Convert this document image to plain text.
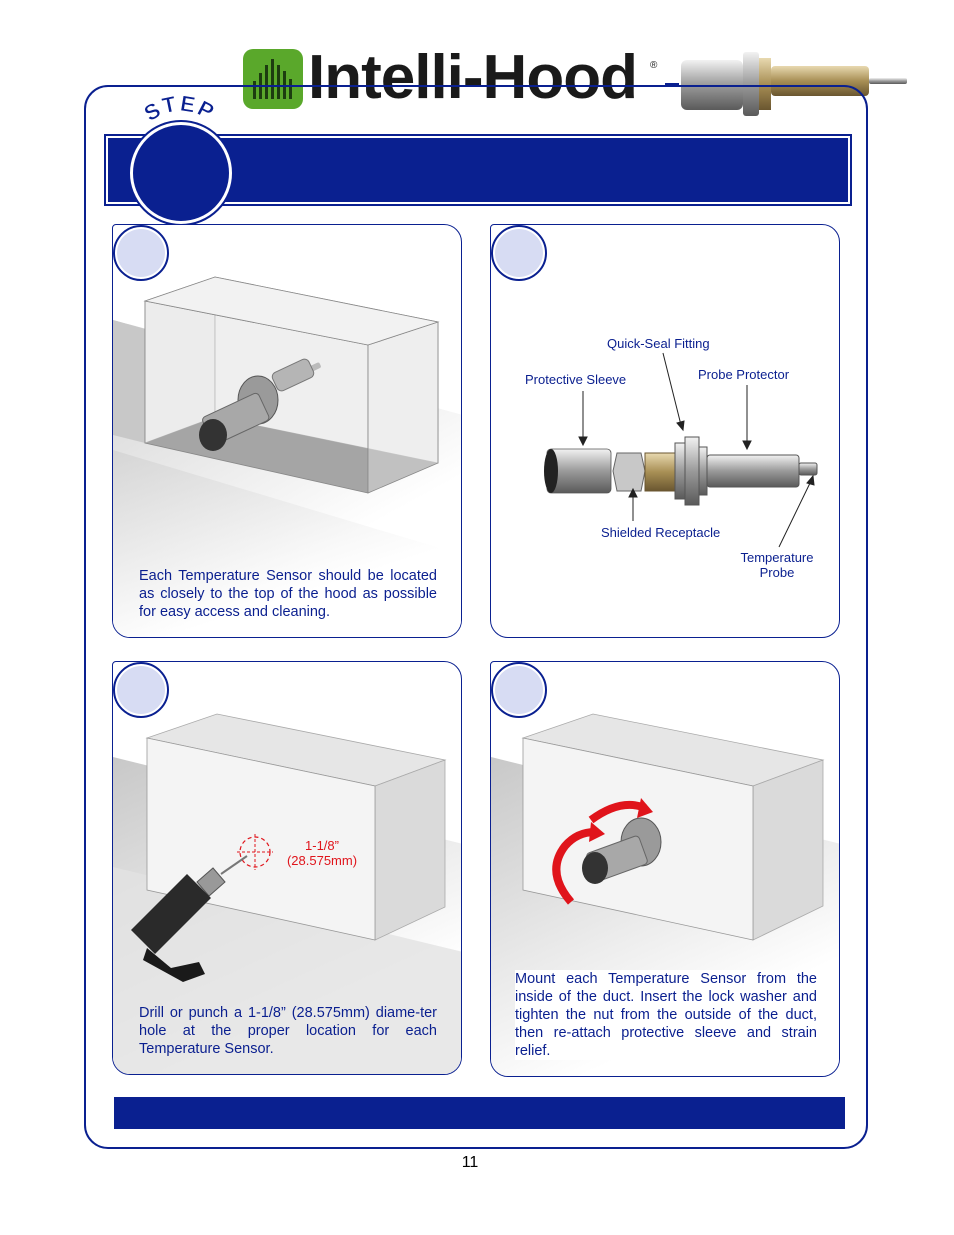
Intelli-Hood ®
STEP
Each Temperature Sensor should be located as closely to the top of the hood as possible for easy access and cleaning.
Quick-Seal Fitting
Protective Sleeve	Probe Protector
Shielded Receptacle
Temperature
Probe
1-1/8”
(28.575mm)
Drill or punch a 1-1/8” (28.575mm) diame-ter hole at the proper location for each Temperature Sensor.
Mount each Temperature Sensor from the inside of the duct. Insert the lock washer and tighten the nut from the outside of the duct, then re-attach protective sleeve and strain relief.
11
